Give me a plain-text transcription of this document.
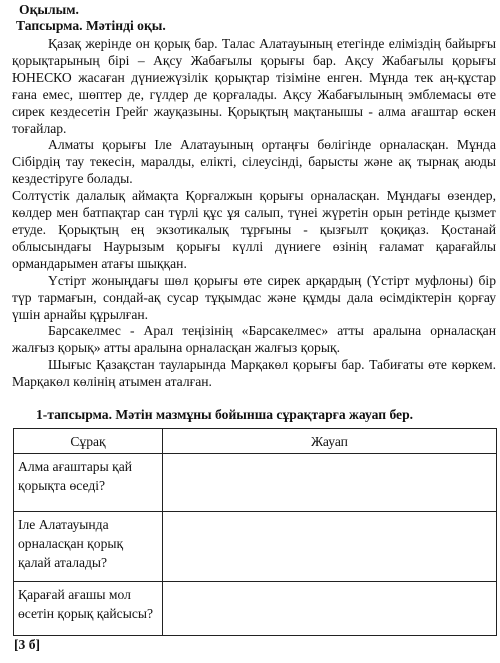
Оқылым.
Тапсырма. Мәтінді оқы.

Қазақ жерінде он қорық бар. Талас Алатауының етегінде еліміздің байырғы қорықтарының бірі – Ақсу Жабағылы қорығы бар. Ақсу Жабағылы қорығы ЮНЕСКО жасаған дүниежүзілік қорықтар тізіміне енген. Мұнда тек аң-құстар ғана емес, шөптер де, гүлдер де қорғалады. Ақсу Жабағылының эмблемасы өте сирек кездесетін Грейг жауқазыны. Қорықтың мақтанышы - алма ағаштар өскен тоғайлар.

Алматы қорығы Іле Алатауының ортаңғы бөлігінде орналасқан. Мұнда Сібірдің тау текесін, маралды, елікті, сілеусінді, барысты және ақ тырнақ аюды кездестіруге болады.

Солтүстік далалық аймақта Қорғалжын қорығы орналасқан. Мұндағы өзендер, көлдер мен батпақтар сан түрлі құс ұя салып, түнеі жүретін орын ретінде қызмет етуде. Қорықтың ең экзотикалық тұрғыны - қызғылт қоқиқаз. Қостанай облысындағы Наурызым қорығы күллі дүниеге өзінің ғаламат қарағайлы ормандарымен атағы шыққан.

Үстірт жоныңдағы шөл қорығы өте сирек арқардың (Үстірт муфлоны) бір түр тармағын, сондай-ақ сусар тұқымдас және құмды дала өсімдіктерін қорғау үшін арнайы құрылған.

Барсакелмес - Арал теңізінің «Барсакелмес» атты аралына орналасқан жалғыз қорық» атты аралына орналасқан жалғыз қорық.

Шығыс Қазақстан тауларында Марқакөл қорығы бар. Табиғаты өте көркем. Марқакөл көлінің атымен аталған.

1-тапсырма. Мәтін мазмұны бойынша сұрақтарға жауап бер.
Сұрақ	Жауап
Алма ағаштары қай қорықта өседі?	
Іле Алатауында орналасқан қорық қалай аталады?	
Қарағай ағашы мол өсетін қорық қайсысы?	
[3 б]
